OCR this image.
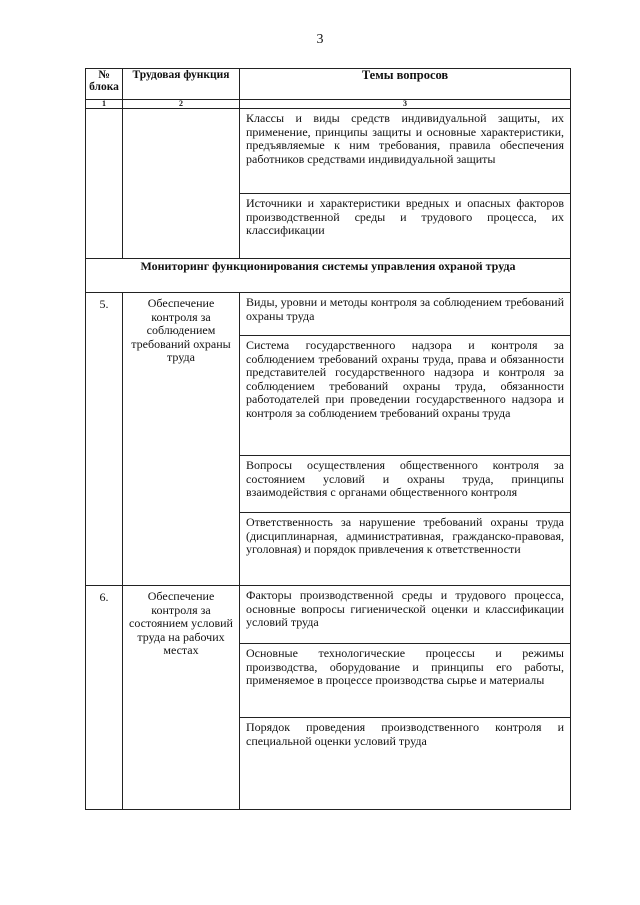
3
№ блока	Трудовая функция	Темы вопросов
1	2	3

		Классы и виды средств индивидуальной защиты, их применение, принципы защиты и основные характеристики, предъявляемые к ним требования, правила обеспечения работников средствами индивидуальной защиты
Источники и характеристики вредных и опасных факторов производственной среды и трудового процесса, их классификации

Мониторинг функционирования системы управления охраной труда		
5.	Обеспечение контроля за соблюдением требований охраны труда	Виды, уровни и методы контроля за соблюдением требований охраны труда
Система государственного надзора и контроля за соблюдением требований охраны труда, права и обязанности представителей государственного надзора и контроля за соблюдением требований охраны труда, обязанности работодателей при проведении государственного надзора и контроля за соблюдением требований охраны труда
Вопросы осуществления общественного контроля за состоянием условий и охраны труда, принципы взаимодействия с органами общественного контроля
Ответственность за нарушение требований охраны труда (дисциплинарная, административная, гражданско-правовая, уголовная) и порядок привлечения к ответственности

6.	Обеспечение контроля за состоянием условий труда на рабочих местах	Факторы производственной среды и трудового процесса, основные вопросы гигиенической оценки и классификации условий труда
Основные технологические процессы и режимы производства, оборудование и принципы его работы, применяемое в процессе производства сырье и материалы
Порядок проведения производственного контроля и специальной оценки условий труда
